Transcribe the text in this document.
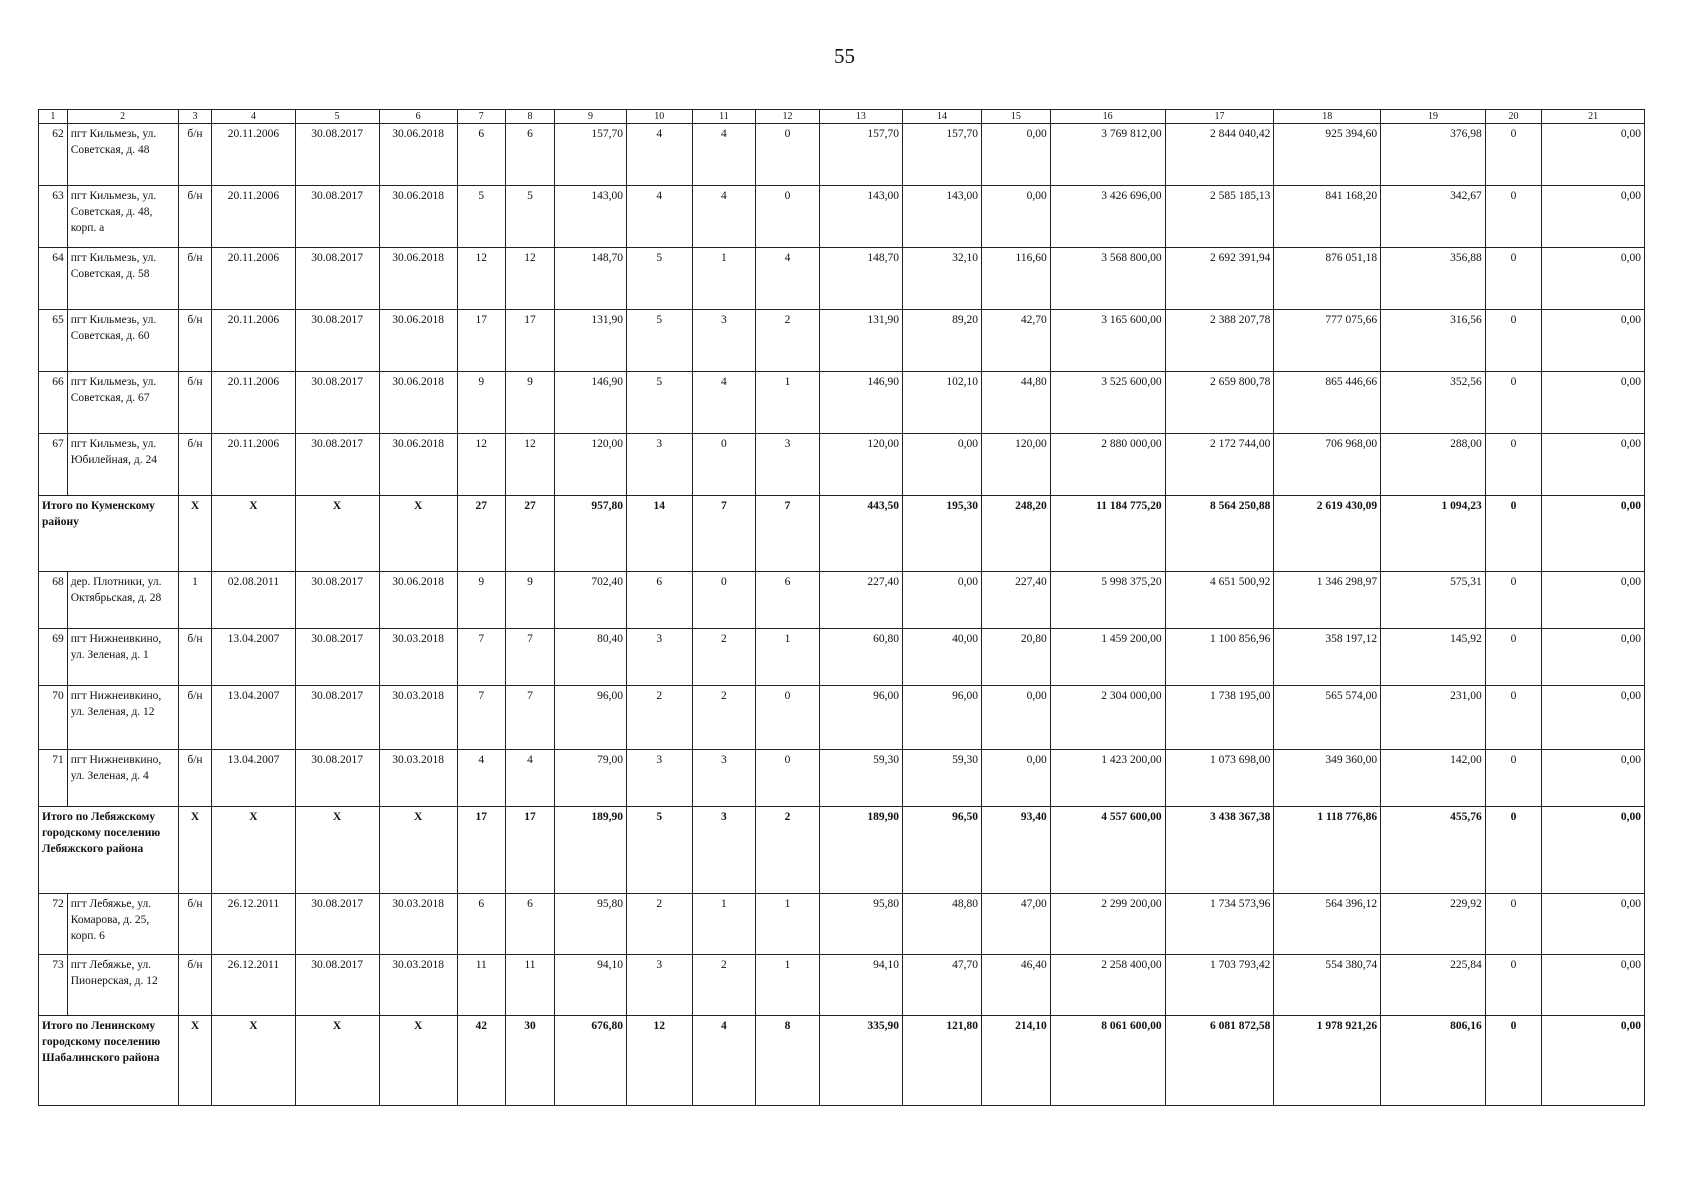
55
1	2	3	4	5	6	7	8	9	10	11	12	13	14	15	16	17	18	19	20	21
62	пгт Кильмезь, ул. Советская, д. 48	б/н	20.11.2006	30.08.2017	30.06.2018	6	6	157,70	4	4	0	157,70	157,70	0,00	3 769 812,00	2 844 040,42	925 394,60	376,98	0	0,00
63	пгт Кильмезь, ул. Советская, д. 48, корп. а	б/н	20.11.2006	30.08.2017	30.06.2018	5	5	143,00	4	4	0	143,00	143,00	0,00	3 426 696,00	2 585 185,13	841 168,20	342,67	0	0,00
64	пгт Кильмезь, ул. Советская, д. 58	б/н	20.11.2006	30.08.2017	30.06.2018	12	12	148,70	5	1	4	148,70	32,10	116,60	3 568 800,00	2 692 391,94	876 051,18	356,88	0	0,00
65	пгт Кильмезь, ул. Советская, д. 60	б/н	20.11.2006	30.08.2017	30.06.2018	17	17	131,90	5	3	2	131,90	89,20	42,70	3 165 600,00	2 388 207,78	777 075,66	316,56	0	0,00
66	пгт Кильмезь, ул. Советская, д. 67	б/н	20.11.2006	30.08.2017	30.06.2018	9	9	146,90	5	4	1	146,90	102,10	44,80	3 525 600,00	2 659 800,78	865 446,66	352,56	0	0,00
67	пгт Кильмезь, ул. Юбилейная, д. 24	б/н	20.11.2006	30.08.2017	30.06.2018	12	12	120,00	3	0	3	120,00	0,00	120,00	2 880 000,00	2 172 744,00	706 968,00	288,00	0	0,00
Итого по Куменскому району		X	X	X	X	27	27	957,80	14	7	7	443,50	195,30	248,20	11 184 775,20	8 564 250,88	2 619 430,09	1 094,23	0	0,00
68	дер. Плотники, ул. Октябрьская, д. 28	1	02.08.2011	30.08.2017	30.06.2018	9	9	702,40	6	0	6	227,40	0,00	227,40	5 998 375,20	4 651 500,92	1 346 298,97	575,31	0	0,00
69	пгт Нижнеивкино, ул. Зеленая, д. 1	б/н	13.04.2007	30.08.2017	30.03.2018	7	7	80,40	3	2	1	60,80	40,00	20,80	1 459 200,00	1 100 856,96	358 197,12	145,92	0	0,00
70	пгт Нижнеивкино, ул. Зеленая, д. 12	б/н	13.04.2007	30.08.2017	30.03.2018	7	7	96,00	2	2	0	96,00	96,00	0,00	2 304 000,00	1 738 195,00	565 574,00	231,00	0	0,00
71	пгт Нижнеивкино, ул. Зеленая, д. 4	б/н	13.04.2007	30.08.2017	30.03.2018	4	4	79,00	3	3	0	59,30	59,30	0,00	1 423 200,00	1 073 698,00	349 360,00	142,00	0	0,00
Итого по Лебяжскому городскому поселению Лебяжского района		X	X	X	X	17	17	189,90	5	3	2	189,90	96,50	93,40	4 557 600,00	3 438 367,38	1 118 776,86	455,76	0	0,00
72	пгт Лебяжье, ул. Комарова, д. 25, корп. 6	б/н	26.12.2011	30.08.2017	30.03.2018	6	6	95,80	2	1	1	95,80	48,80	47,00	2 299 200,00	1 734 573,96	564 396,12	229,92	0	0,00
73	пгт Лебяжье, ул. Пионерская, д. 12	б/н	26.12.2011	30.08.2017	30.03.2018	11	11	94,10	3	2	1	94,10	47,70	46,40	2 258 400,00	1 703 793,42	554 380,74	225,84	0	0,00
Итого по Ленинскому городскому поселению Шабалинского района		X	X	X	X	42	30	676,80	12	4	8	335,90	121,80	214,10	8 061 600,00	6 081 872,58	1 978 921,26	806,16	0	0,00
